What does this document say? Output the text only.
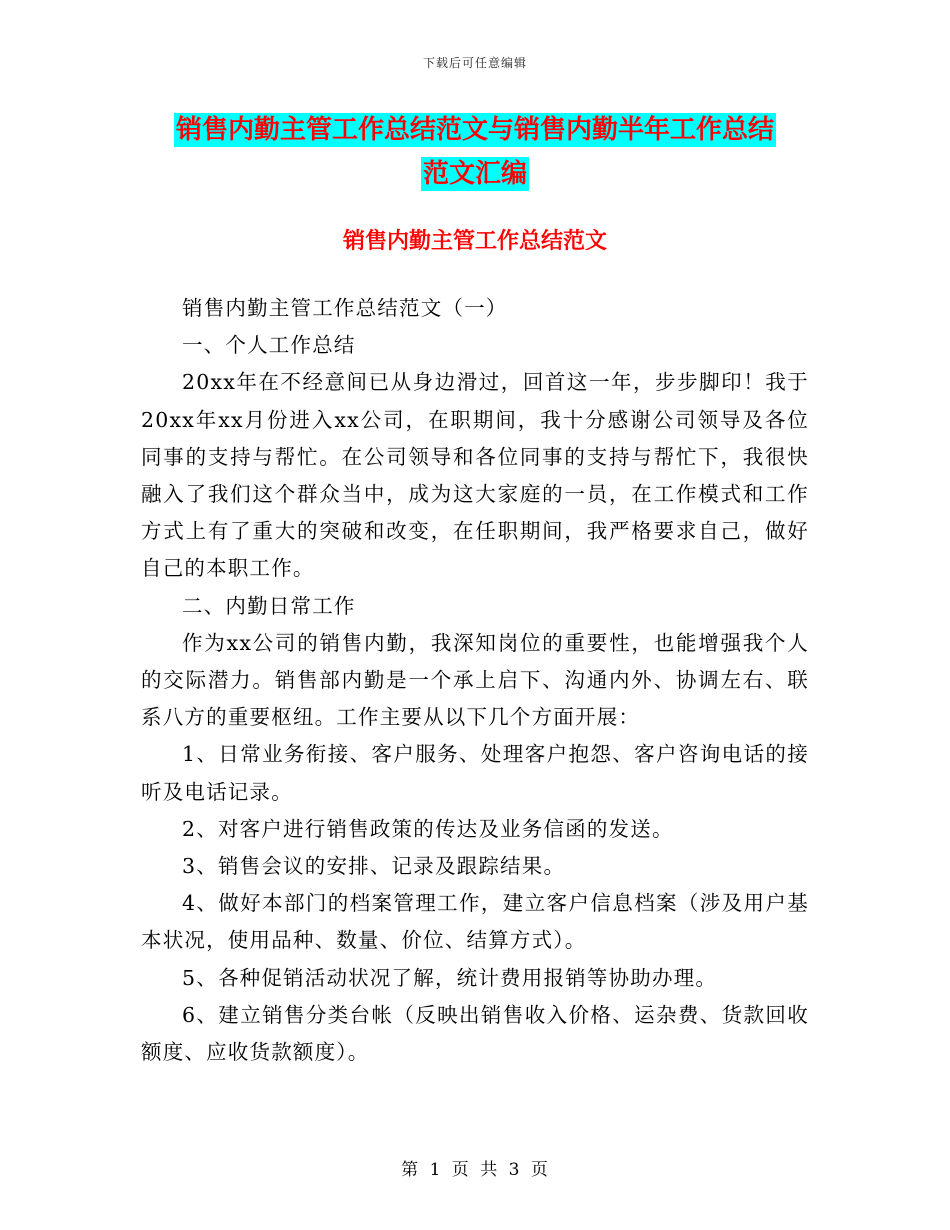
下载后可任意编辑
销售内勤主管工作总结范文与销售内勤半年工作总结
范文汇编
销售内勤主管工作总结范文

销售内勤主管工作总结范文（一）

一、个人工作总结

20xx年在不经意间已从身边滑过，回首这一年，步步脚印！我于20xx年xx月份进入xx公司，在职期间，我十分感谢公司领导及各位同事的支持与帮忙。在公司领导和各位同事的支持与帮忙下，我很快融入了我们这个群众当中，成为这大家庭的一员，在工作模式和工作方式上有了重大的突破和改变，在任职期间，我严格要求自己，做好自己的本职工作。

二、内勤日常工作

作为xx公司的销售内勤，我深知岗位的重要性，也能增强我个人的交际潜力。销售部内勤是一个承上启下、沟通内外、协调左右、联系八方的重要枢纽。工作主要从以下几个方面开展：

1、日常业务衔接、客户服务、处理客户抱怨、客户咨询电话的接听及电话记录。

2、对客户进行销售政策的传达及业务信函的发送。

3、销售会议的安排、记录及跟踪结果。

4、做好本部门的档案管理工作，建立客户信息档案（涉及用户基本状况，使用品种、数量、价位、结算方式）。

5、各种促销活动状况了解，统计费用报销等协助办理。

6、建立销售分类台帐（反映出销售收入价格、运杂费、货款回收额度、应收货款额度）。

第 1 页 共 3 页
